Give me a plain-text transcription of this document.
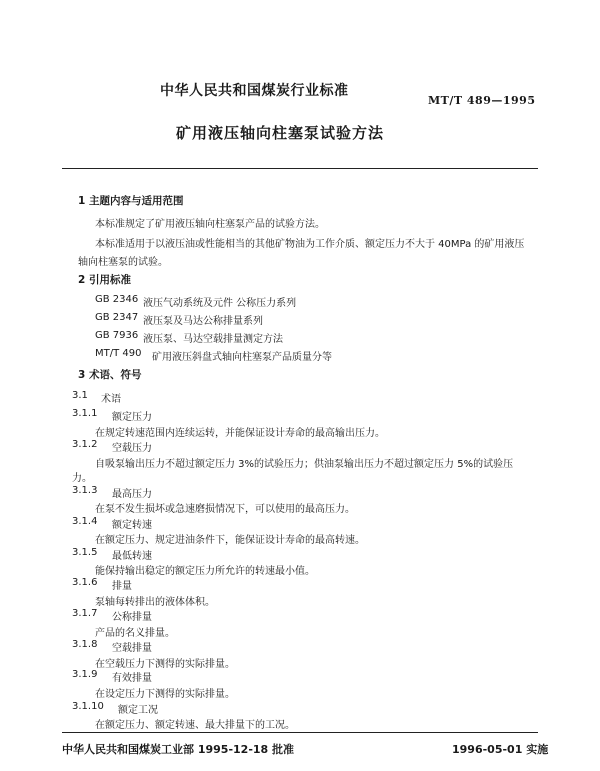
中华人民共和国煤炭行业标准
MT/T 489—1995
矿用液压轴向柱塞泵试验方法
1 主题内容与适用范围
本标准规定了矿用液压轴向柱塞泵产品的试验方法。
本标准适用于以液压油或性能相当的其他矿物油为工作介质、额定压力不大于 40MPa 的矿用液压
轴向柱塞泵的试验。
2 引用标准
GB 2346 液压气动系统及元件 公称压力系列
GB 2347 液压泵及马达公称排量系列
GB 7936 液压泵、马达空载排量测定方法
MT/T 490 矿用液压斜盘式轴向柱塞泵产品质量分等
3 术语、符号
3.1 术语
3.1.1 额定压力
在规定转速范围内连续运转，并能保证设计寿命的最高输出压力。
3.1.2 空载压力
自吸泵输出压力不超过额定压力 3%的试验压力；供油泵输出压力不超过额定压力 5%的试验压
力。
3.1.3 最高压力
在泵不发生损坏或急速磨损情况下，可以使用的最高压力。
3.1.4 额定转速
在额定压力、规定进油条件下，能保证设计寿命的最高转速。
3.1.5 最低转速
能保持输出稳定的额定压力所允许的转速最小值。
3.1.6 排量
泵轴每转排出的液体体积。
3.1.7 公称排量
产品的名义排量。
3.1.8 空载排量
在空载压力下测得的实际排量。
3.1.9 有效排量
在设定压力下测得的实际排量。
3.1.10 额定工况
在额定压力、额定转速、最大排量下的工况。
中华人民共和国煤炭工业部 1995-12-18 批准	1996-05-01 实施
